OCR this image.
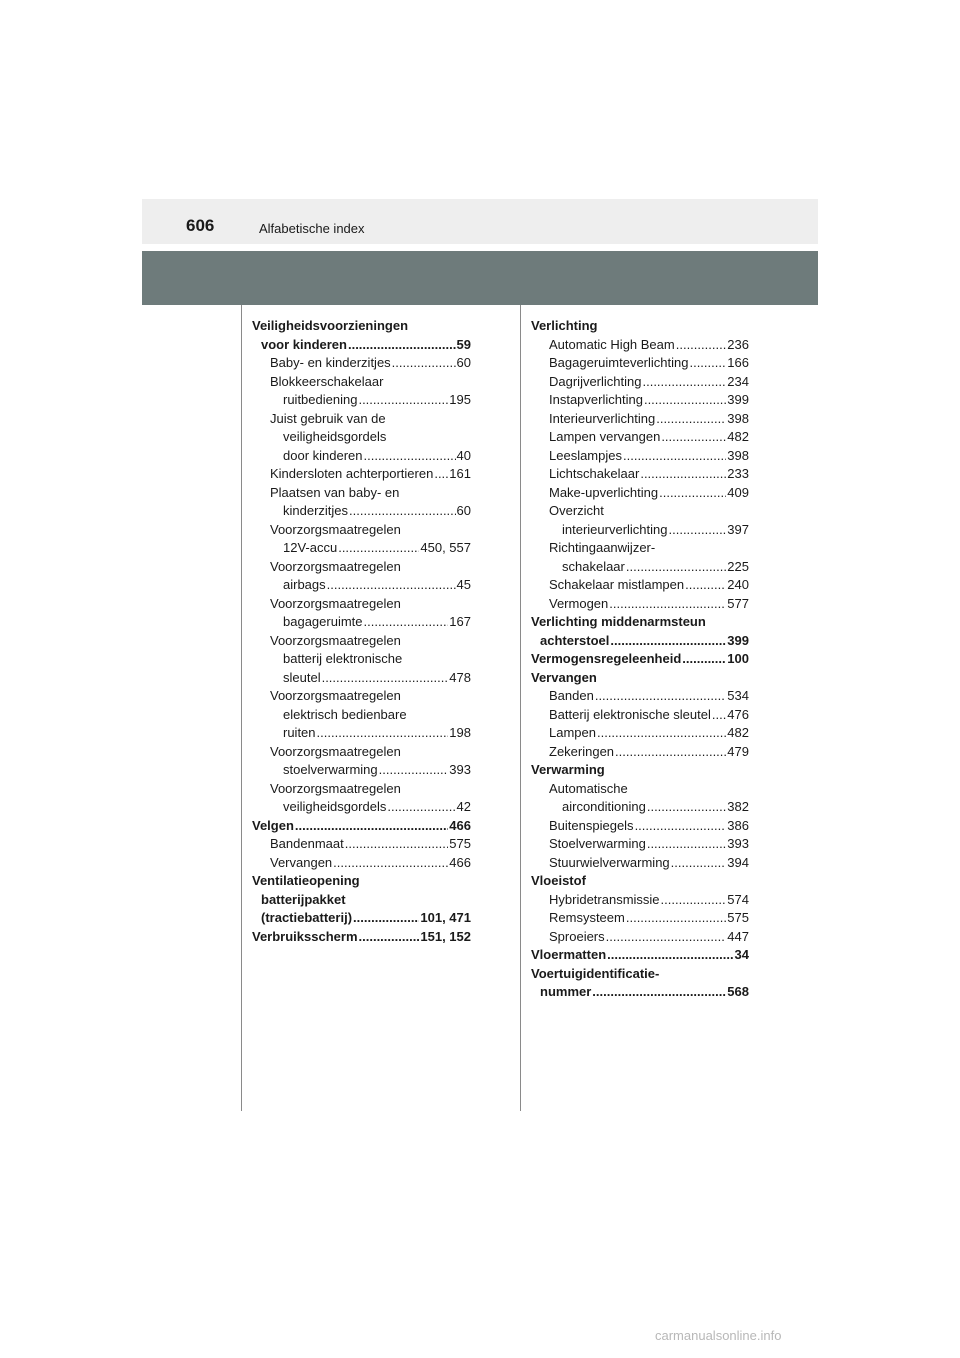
606	Alfabetische index
Veiligheidsvoorzieningen
voor kinderen .....	59
Baby- en kinderzitjes .....	60
Blokkeerschakelaar
ruitbediening .....	195
Juist gebruik van de
veiligheidsgordels
door kinderen .....	40
Kindersloten achterportieren ..... 161
Plaatsen van baby- en
kinderzitjes .....	60
Voorzorgsmaatregelen
12V-accu .....	450, 557
Voorzorgsmaatregelen
airbags .....	45
Voorzorgsmaatregelen
bagageruimte .....	167
Voorzorgsmaatregelen
batterij elektronische
sleutel .....	478
Voorzorgsmaatregelen
elektrisch bedienbare
ruiten .....	198
Voorzorgsmaatregelen
stoelverwarming .....	393
Voorzorgsmaatregelen
veiligheidsgordels .....	42
Velgen .....	466
Bandenmaat .....	575
Vervangen .....	466
Ventilatieopening
batterijpakket
(tractiebatterij) .....	101, 471
Verbruiksscherm .....	151, 152
Verlichting
Automatic High Beam .....	236
Bagageruimteverlichting .....	166
Dagrijverlichting .....	234
Instapverlichting .....	399
Interieurverlichting .....	398
Lampen vervangen .....	482
Leeslampjes .....	398
Lichtschakelaar .....	233
Make-upverlichting .....	409
Overzicht
interieurverlichting .....	397
Richtingaanwijzer-
schakelaar .....	225
Schakelaar mistlampen .....	240
Vermogen .....	577
Verlichting middenarmsteun
achterstoel .....	399
Vermogensregeleenheid .....	100
Vervangen
Banden .....	534
Batterij elektronische sleutel ..... 476
Lampen .....	482
Zekeringen .....	479
Verwarming
Automatische
airconditioning .....	382
Buitenspiegels .....	386
Stoelverwarming .....	393
Stuurwielverwarming .....	394
Vloeistof
Hybridetransmissie .....	574
Remsysteem .....	575
Sproeiers .....	447
Vloermatten .....	34
Voertuigidentificatie-
nummer .....	568
carmanualsonline.info
